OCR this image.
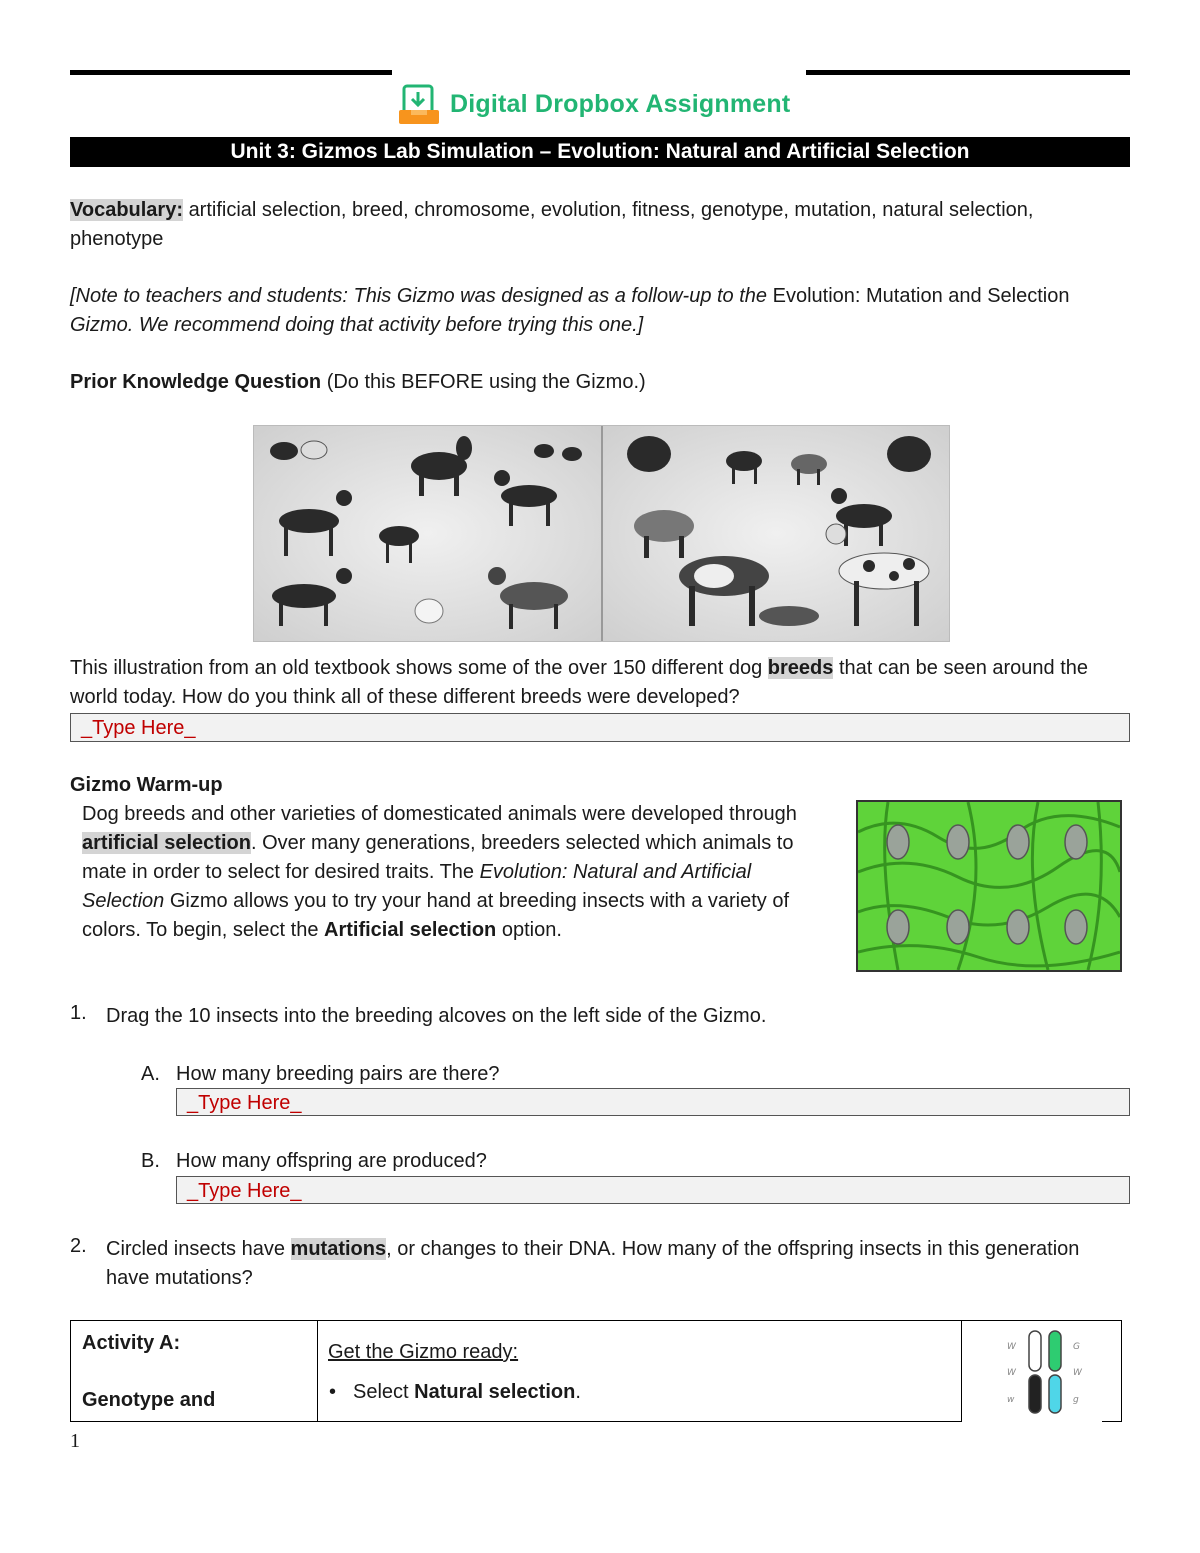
Digital Dropbox Assignment
Unit 3: Gizmos Lab Simulation – Evolution: Natural and Artificial Selection
Vocabulary: artificial selection, breed, chromosome, evolution, fitness, genotype, mutation, natural selection, phenotype
[Note to teachers and students: This Gizmo was designed as a follow-up to the Evolution: Mutation and Selection Gizmo. We recommend doing that activity before trying this one.]
Prior Knowledge Question (Do this BEFORE using the Gizmo.)
This illustration from an old textbook shows some of the over 150 different dog breeds that can be seen around the world today. How do you think all of these different breeds were developed?
_Type Here_
Gizmo Warm-up
Dog breeds and other varieties of domesticated animals were developed through artificial selection. Over many generations, breeders selected which animals to mate in order to select for desired traits. The Evolution: Natural and Artificial Selection Gizmo allows you to try your hand at breeding insects with a variety of colors. To begin, select the Artificial selection option.
1. Drag the 10 insects into the breeding alcoves on the left side of the Gizmo.
A. How many breeding pairs are there?
_Type Here_
B. How many offspring are produced?
_Type Here_
2. Circled insects have mutations, or changes to their DNA. How many of the offspring insects in this generation have mutations?
Activity A:
Genotype and
Get the Gizmo ready:
• Select Natural selection.
W
W
w
G
W
g
1
